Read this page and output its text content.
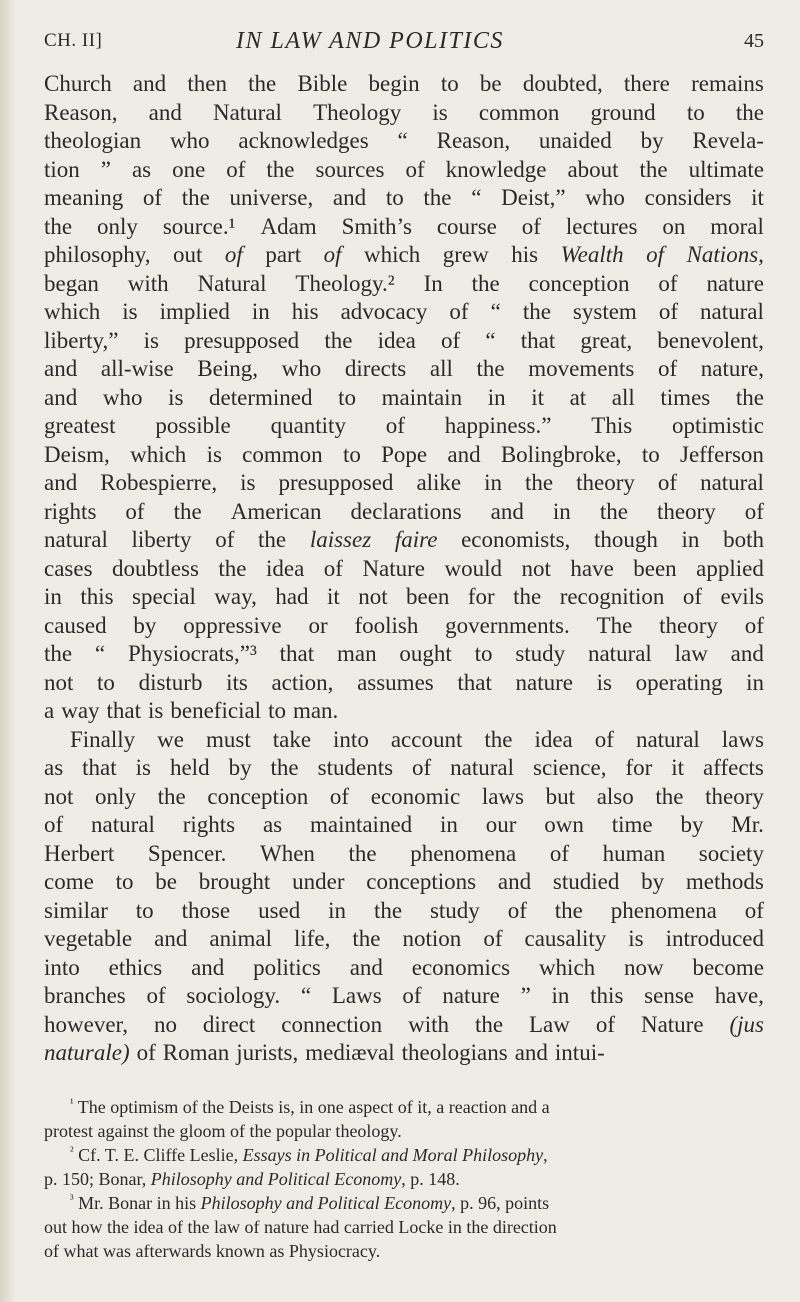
CH. II]	IN LAW AND POLITICS	45
Church and then the Bible begin to be doubted, there remains
Reason, and Natural Theology is common ground to the
theologian who acknowledges “ Reason, unaided by Revela-
tion ” as one of the sources of knowledge about the ultimate
meaning of the universe, and to the “ Deist,” who considers it
the only source.¹ Adam Smith’s course of lectures on moral
philosophy, out of part of which grew his Wealth of Nations,
began with Natural Theology.² In the conception of nature
which is implied in his advocacy of “ the system of natural
liberty,” is presupposed the idea of “ that great, benevolent,
and all-wise Being, who directs all the movements of nature,
and who is determined to maintain in it at all times the
greatest possible quantity of happiness.” This optimistic
Deism, which is common to Pope and Bolingbroke, to Jefferson
and Robespierre, is presupposed alike in the theory of natural
rights of the American declarations and in the theory of
natural liberty of the laissez faire economists, though in both
cases doubtless the idea of Nature would not have been applied
in this special way, had it not been for the recognition of evils
caused by oppressive or foolish governments. The theory of
the “ Physiocrats,”³ that man ought to study natural law and
not to disturb its action, assumes that nature is operating in
a way that is beneficial to man.
Finally we must take into account the idea of natural laws
as that is held by the students of natural science, for it affects
not only the conception of economic laws but also the theory
of natural rights as maintained in our own time by Mr.
Herbert Spencer. When the phenomena of human society
come to be brought under conceptions and studied by methods
similar to those used in the study of the phenomena of
vegetable and animal life, the notion of causality is introduced
into ethics and politics and economics which now become
branches of sociology. “ Laws of nature ” in this sense have,
however, no direct connection with the Law of Nature (jus
naturale) of Roman jurists, mediæval theologians and intui-
$^{^1}$ The optimism of the Deists is, in one aspect of it, a reaction and a
protest against the gloom of the popular theology.
$^{^2}$ Cf. T. E. Cliffe Leslie, Essays in Political and Moral Philosophy,
p. 150; Bonar, Philosophy and Political Economy, p. 148.
$^{^3}$ Mr. Bonar in his Philosophy and Political Economy, p. 96, points
out how the idea of the law of nature had carried Locke in the direction
of what was afterwards known as Physiocracy.
